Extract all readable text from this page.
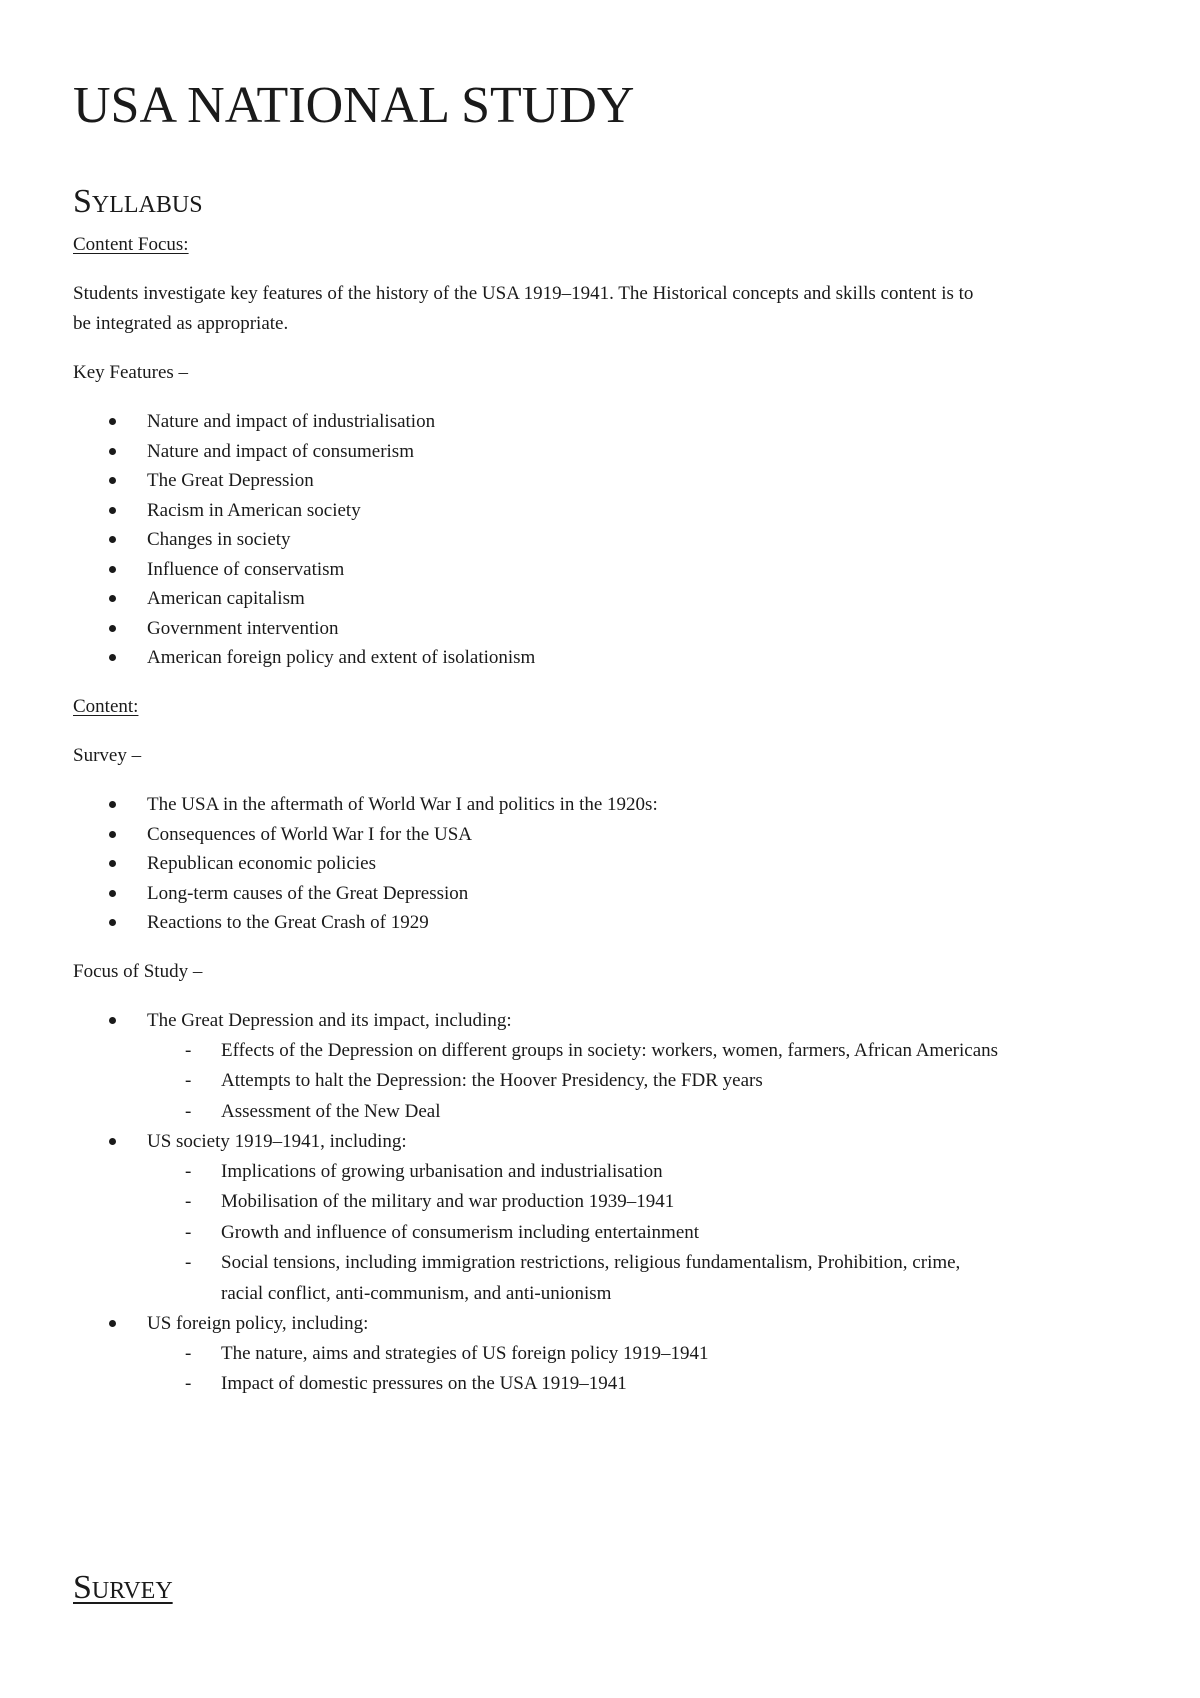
USA NATIONAL STUDY
Syllabus

Content Focus:

Students investigate key features of the history of the USA 1919–1941. The Historical concepts and skills content is to

be integrated as appropriate.

Key Features –

Nature and impact of industrialisation
Nature and impact of consumerism
The Great Depression
Racism in American society
Changes in society
Influence of conservatism
American capitalism
Government intervention
American foreign policy and extent of isolationism

Content:

Survey –

The USA in the aftermath of World War I and politics in the 1920s:
Consequences of World War I for the USA
Republican economic policies
Long-term causes of the Great Depression
Reactions to the Great Crash of 1929

Focus of Study –

The Great Depression and its impact, including:
- Effects of the Depression on different groups in society: workers, women, farmers, African Americans
- Attempts to halt the Depression: the Hoover Presidency, the FDR years
- Assessment of the New Deal
US society 1919–1941, including:
- Implications of growing urbanisation and industrialisation
- Mobilisation of the military and war production 1939–1941
- Growth and influence of consumerism including entertainment
- Social tensions, including immigration restrictions, religious fundamentalism, Prohibition, crime,
racial conflict, anti-communism, and anti-unionism
US foreign policy, including:
- The nature, aims and strategies of US foreign policy 1919–1941
- Impact of domestic pressures on the USA 1919–1941
Survey
